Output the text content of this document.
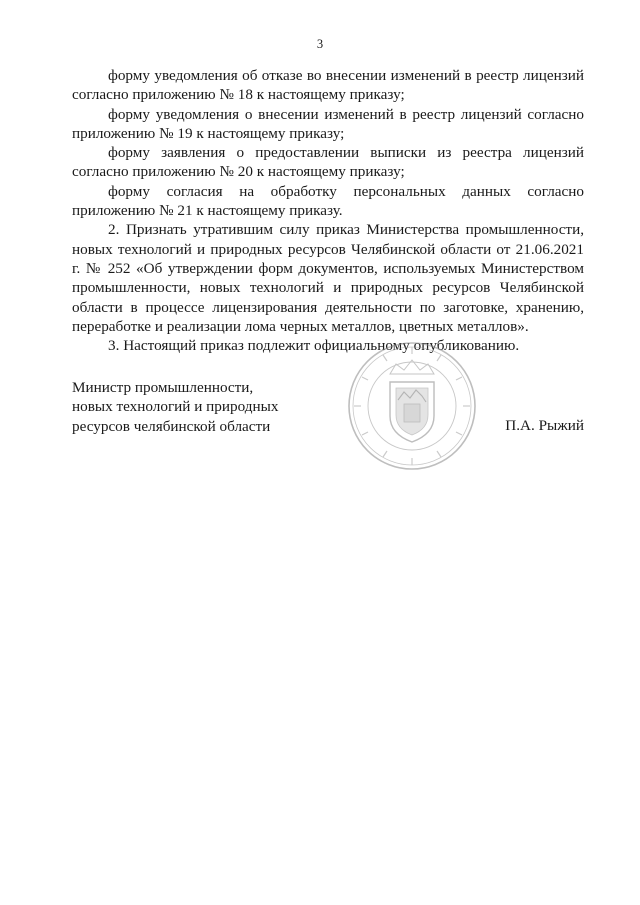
3

форму уведомления об отказе во внесении изменений в реестр лицензий согласно приложению № 18 к настоящему приказу;

форму уведомления о внесении изменений в реестр лицензий согласно приложению № 19 к настоящему приказу;

форму заявления о предоставлении выписки из реестра лицензий согласно приложению № 20 к настоящему приказу;

форму согласия на обработку персональных данных согласно приложению № 21 к настоящему приказу.

2. Признать утратившим силу приказ Министерства промышленности, новых технологий и природных ресурсов Челябинской области от 21.06.2021 г. № 252 «Об утверждении форм документов, используемых Министерством промышленности, новых технологий и природных ресурсов Челябинской области в процессе лицензирования деятельности по заготовке, хранению, переработке и реализации лома черных металлов, цветных металлов».

3. Настоящий приказ подлежит официальному опубликованию.

Министр промышленности,

новых технологий и природных

ресурсов челябинской области	П.А. Рыжий
